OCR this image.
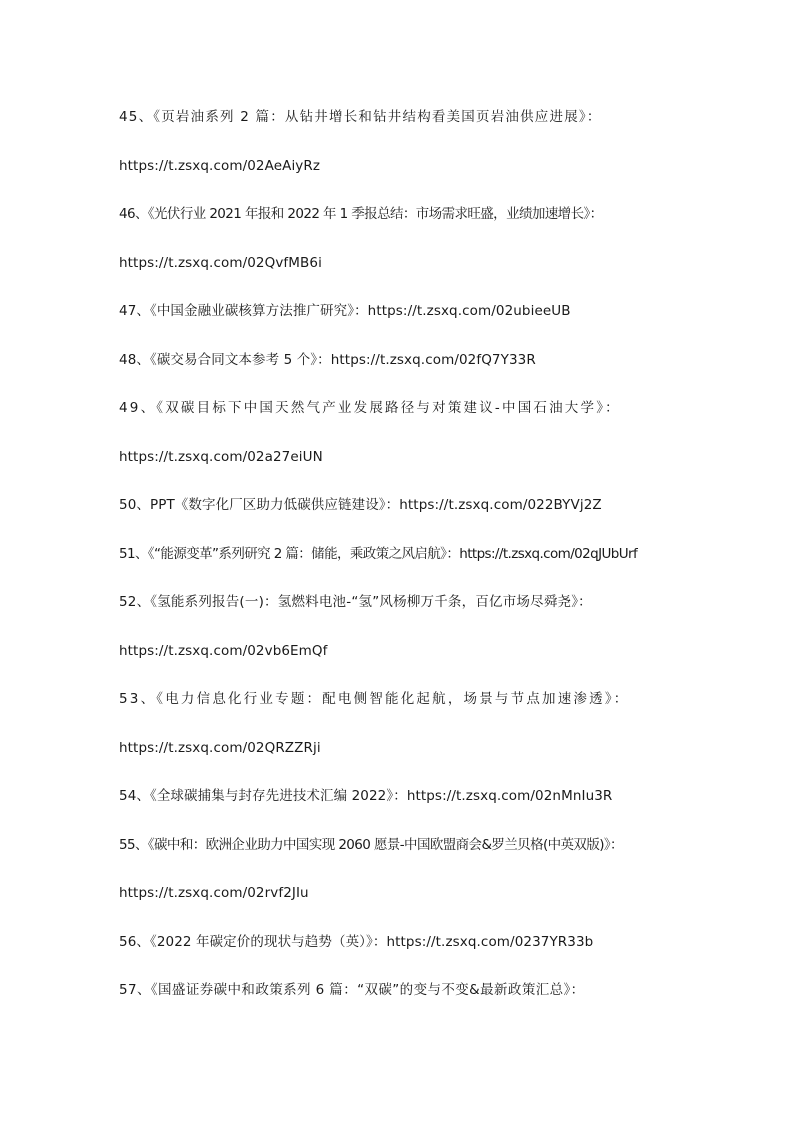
45、《页岩油系列 2 篇：从钻井增长和钻井结构看美国页岩油供应进展》：
https://t.zsxq.com/02AeAiyRz
46、《光伏行业 2021 年报和 2022 年 1 季报总结：市场需求旺盛，业绩加速增长》：
https://t.zsxq.com/02QvfMB6i
47、《中国金融业碳核算方法推广研究》：https://t.zsxq.com/02ubieeUB
48、《碳交易合同文本参考 5 个》：https://t.zsxq.com/02fQ7Y33R
49、《双碳目标下中国天然气产业发展路径与对策建议-中国石油大学》：
https://t.zsxq.com/02a27eiUN
50、PPT《数字化厂区助力低碳供应链建设》：https://t.zsxq.com/022BYVj2Z
51、《“能源变革”系列研究 2 篇：储能，乘政策之风启航》：https://t.zsxq.com/02qJUbUrf
52、《氢能系列报告(一)：氢燃料电池-“氢”风杨柳万千条，百亿市场尽舜尧》：
https://t.zsxq.com/02vb6EmQf
53、《电力信息化行业专题：配电侧智能化起航，场景与节点加速渗透》：
https://t.zsxq.com/02QRZZRji
54、《全球碳捕集与封存先进技术汇编 2022》：https://t.zsxq.com/02nMnIu3R
55、《碳中和：欧洲企业助力中国实现 2060 愿景-中国欧盟商会&罗兰贝格(中英双版)》：
https://t.zsxq.com/02rvf2JIu
56、《2022 年碳定价的现状与趋势（英）》：https://t.zsxq.com/0237YR33b
57、《国盛证券碳中和政策系列 6 篇：“双碳”的变与不变&最新政策汇总》：
